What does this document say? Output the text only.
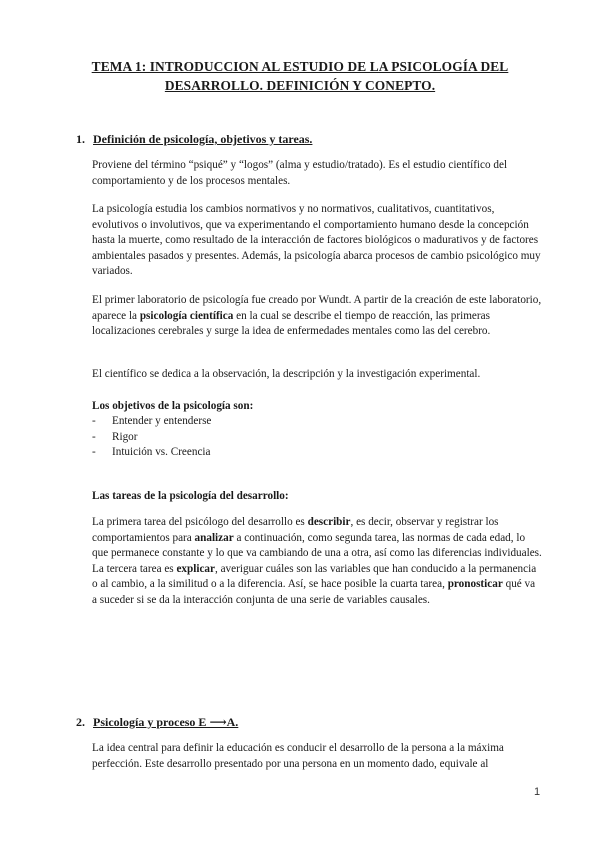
TEMA 1: INTRODUCCION AL ESTUDIO DE LA PSICOLOGÍA DEL
DESARROLLO. DEFINICIÓN Y CONEPTO.
1. Definición de psicología, objetivos y tareas.
Proviene del término “psiqué” y “logos” (alma y estudio/tratado). Es el estudio científico del comportamiento y de los procesos mentales.
La psicología estudia los cambios normativos y no normativos, cualitativos, cuantitativos, evolutivos o involutivos, que va experimentando el comportamiento humano desde la concepción hasta la muerte, como resultado de la interacción de factores biológicos o madurativos y de factores ambientales pasados y presentes. Además, la psicología abarca procesos de cambio psicológico muy variados.
El primer laboratorio de psicología fue creado por Wundt. A partir de la creación de este laboratorio, aparece la psicología científica en la cual se describe el tiempo de reacción, las primeras localizaciones cerebrales y surge la idea de enfermedades mentales como las del cerebro.
El científico se dedica a la observación, la descripción y la investigación experimental.
Los objetivos de la psicología son:
- Entender y entenderse
- Rigor
- Intuición vs. Creencia
Las tareas de la psicología del desarrollo:
La primera tarea del psicólogo del desarrollo es describir, es decir, observar y registrar los comportamientos para analizar a continuación, como segunda tarea, las normas de cada edad, lo que permanece constante y lo que va cambiando de una a otra, así como las diferencias individuales. La tercera tarea es explicar, averiguar cuáles son las variables que han conducido a la permanencia o al cambio, a la similitud o a la diferencia. Así, se hace posible la cuarta tarea, pronosticar qué va a suceder si se da la interacción conjunta de una serie de variables causales.
2. Psicología y proceso E ⟶A.
La idea central para definir la educación es conducir el desarrollo de la persona a la máxima perfección. Este desarrollo presentado por una persona en un momento dado, equivale al
1
